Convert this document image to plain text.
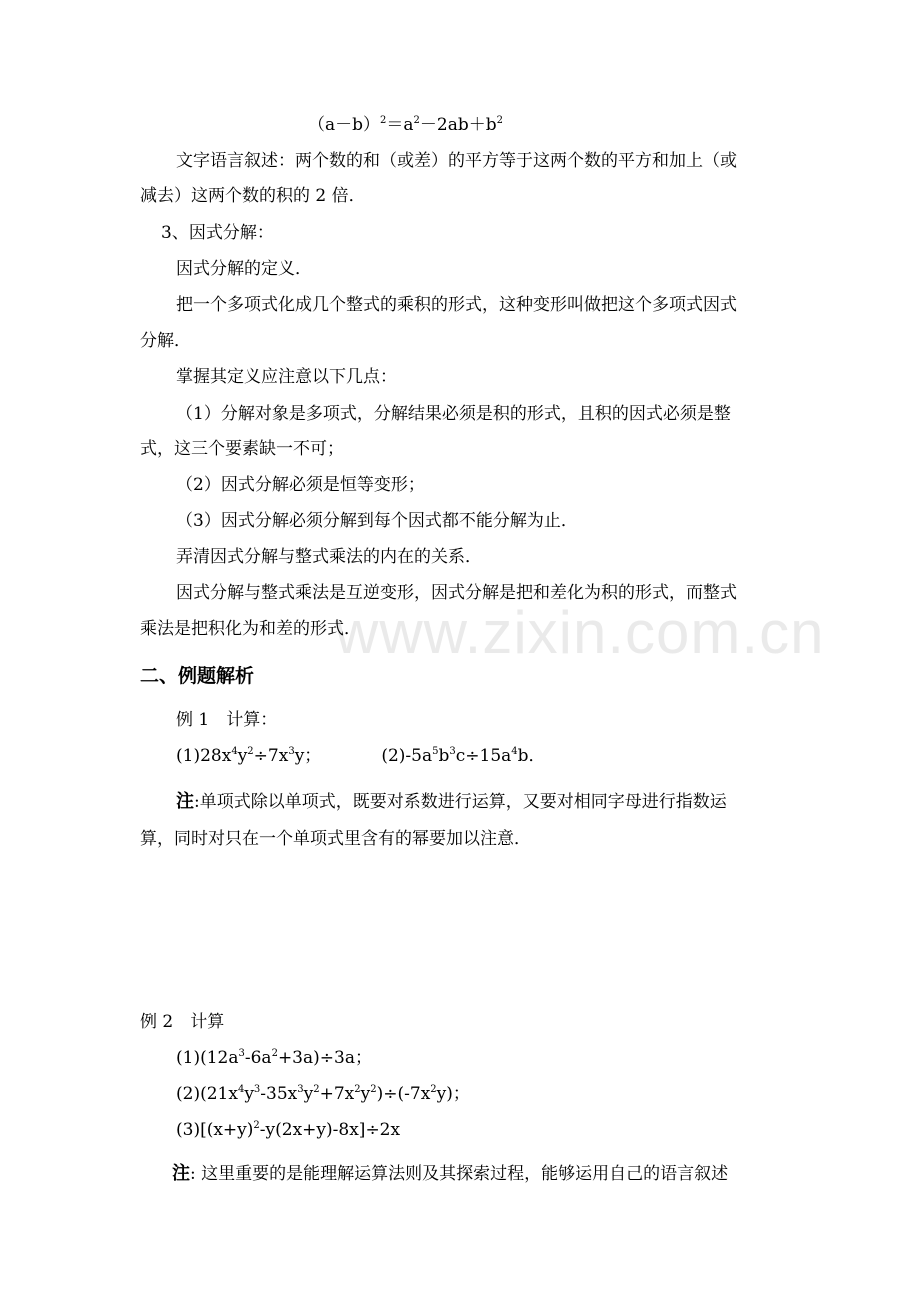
www.zixin.com.cn
$(a-b)^2=a^2-2ab+b^2$
文字语言叙述：两个数的和（或差）的平方等于这两个数的平方和加上（或
减去）这两个数的积的 2 倍．
3、因式分解：
因式分解的定义．
把一个多项式化成几个整式的乘积的形式，这种变形叫做把这个多项式因式
分解．
掌握其定义应注意以下几点：
（1）分解对象是多项式，分解结果必须是积的形式，且积的因式必须是整
式，这三个要素缺一不可；
（2）因式分解必须是恒等变形；
（3）因式分解必须分解到每个因式都不能分解为止．
弄清因式分解与整式乘法的内在的关系．
因式分解与整式乘法是互逆变形，因式分解是把和差化为积的形式，而整式
乘法是把积化为和差的形式．
二、例题解析
例 1　计算：
$(1)28x^4y^2\div 7x^3y$；	$(2)-5a^5b^3c\div 15a^4b$．
注:单项式除以单项式，既要对系数进行运算，又要对相同字母进行指数运
算，同时对只在一个单项式里含有的幂要加以注意．
例 2　计算
$(1)(12a^3-6a^2+3a)\div 3a$；
$(2)(21x^4y^3-35x^3y^2+7x^2y^2)\div(-7x^2y)$；
$(3)[(x+y)^2-y(2x+y)-8x]\div 2x$
注: 这里重要的是能理解运算法则及其探索过程，能够运用自己的语言叙述
